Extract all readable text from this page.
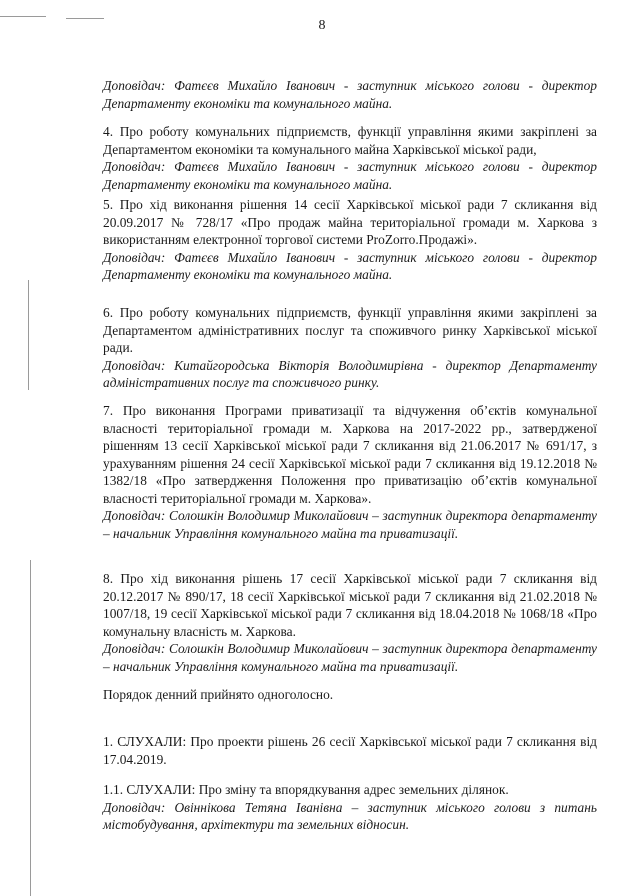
8

Доповідач: Фатєєв Михайло Іванович - заступник міського голови - директор Департаменту економіки та комунального майна.

4. Про роботу комунальних підприємств, функції управління якими закріплені за Департаментом економіки та комунального майна Харківської міської ради,

Доповідач: Фатєєв Михайло Іванович - заступник міського голови - директор Департаменту економіки та комунального майна.

5. Про хід виконання рішення 14 сесії Харківської міської ради 7 скликання від 20.09.2017 № 728/17 «Про продаж майна територіальної громади м. Харкова з використанням електронної торгової системи ProZorro.Продажі».

Доповідач: Фатєєв Михайло Іванович - заступник міського голови - директор Департаменту економіки та комунального майна.

6. Про роботу комунальних підприємств, функції управління якими закріплені за Департаментом адміністративних послуг та споживчого ринку Харківської міської ради.

Доповідач: Китайгородська Вікторія Володимирівна - директор Департаменту адміністративних послуг та споживчого ринку.

7. Про виконання Програми приватизації та відчуження об’єктів комунальної власності територіальної громади м. Харкова на 2017-2022 рр., затвердженої рішенням 13 сесії Харківської міської ради 7 скликання від 21.06.2017 № 691/17, з урахуванням рішення 24 сесії Харківської міської ради 7 скликання від 19.12.2018 № 1382/18 «Про затвердження Положення про приватизацію об’єктів комунальної власності територіальної громади м. Харкова».

Доповідач: Солошкін Володимир Миколайович – заступник директора департаменту – начальник Управління комунального майна та приватизації.

8. Про хід виконання рішень 17 сесії Харківської міської ради 7 скликання від 20.12.2017 № 890/17, 18 сесії Харківської міської ради 7 скликання від 21.02.2018 № 1007/18, 19 сесії Харківської міської ради 7 скликання від 18.04.2018 № 1068/18 «Про комунальну власність м. Харкова.

Доповідач: Солошкін Володимир Миколайович – заступник директора департаменту – начальник Управління комунального майна та приватизації.

Порядок денний прийнято одноголосно.

1. СЛУХАЛИ: Про проекти рішень 26 сесії Харківської міської ради 7 скликання від 17.04.2019.

1.1. СЛУХАЛИ: Про зміну та впорядкування адрес земельних ділянок.

Доповідач: Овіннікова Тетяна Іванівна – заступник міського голови з питань містобудування, архітектури та земельних відносин.
